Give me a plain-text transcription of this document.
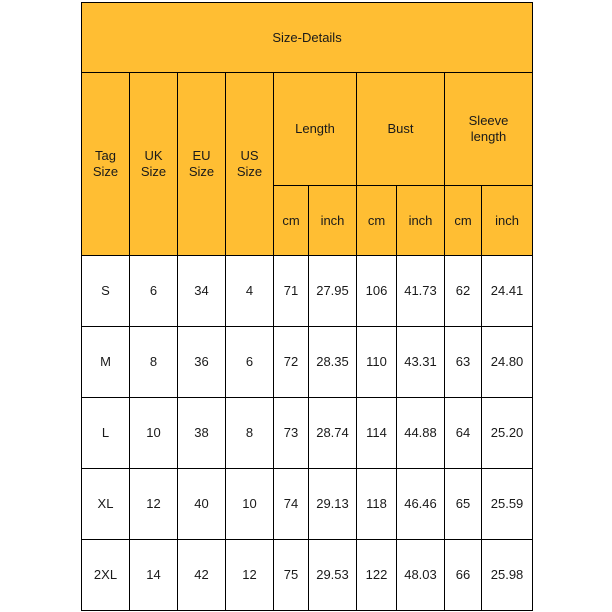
Size-Details									
Tag Size	UK Size	EU Size	US Size	Length		Bust		Sleeve length	
				cm	inch	cm	inch	cm	inch
S	6	34	4	71	27.95	106	41.73	62	24.41
M	8	36	6	72	28.35	110	43.31	63	24.80
L	10	38	8	73	28.74	114	44.88	64	25.20
XL	12	40	10	74	29.13	118	46.46	65	25.59
2XL	14	42	12	75	29.53	122	48.03	66	25.98
